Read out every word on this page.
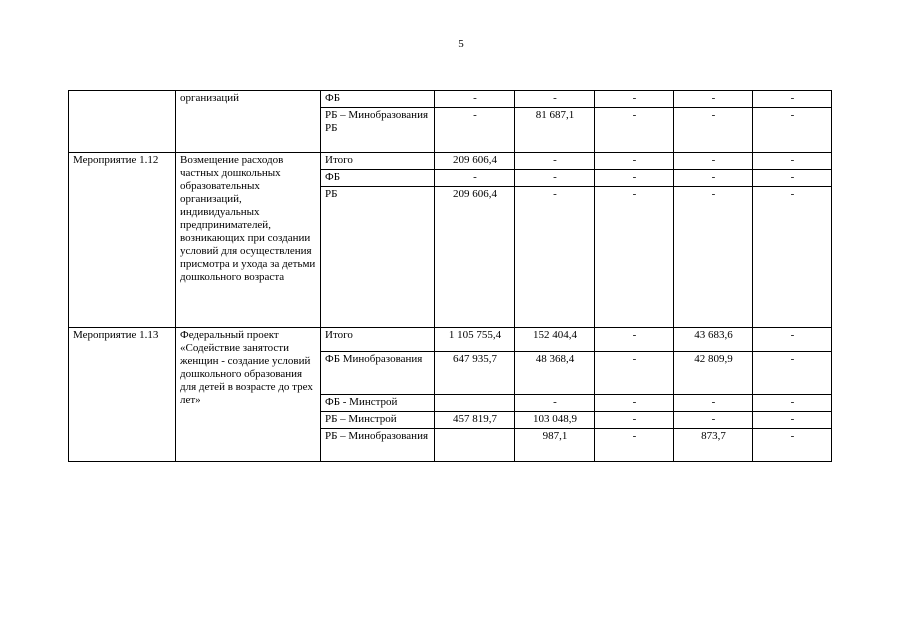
5
	организаций	ФБ	-	-	-	-	-
		РБ – Минобразования РБ	-	81 687,1	-	-	-
Мероприятие 1.12	Возмещение расходов частных дошкольных образовательных организаций, индивидуальных предпринимателей, возникающих при создании условий для осуществления присмотра и ухода за детьми дошкольного возраста	Итого	209 606,4	-	-	-	-
		ФБ	-	-	-	-	-
		РБ	209 606,4	-	-	-	-
Мероприятие 1.13	Федеральный проект «Содействие занятости женщин - создание условий дошкольного образования для детей в возрасте до трех лет»	Итого	1 105 755,4	152 404,4	-	43 683,6	-
		ФБ Минобразования	647 935,7	48 368,4	-	42 809,9	-
		ФБ - Минстрой		-	-	-	-
		РБ – Минстрой	457 819,7	103 048,9	-	-	-
		РБ – Минобразования		987,1	-	873,7	-
